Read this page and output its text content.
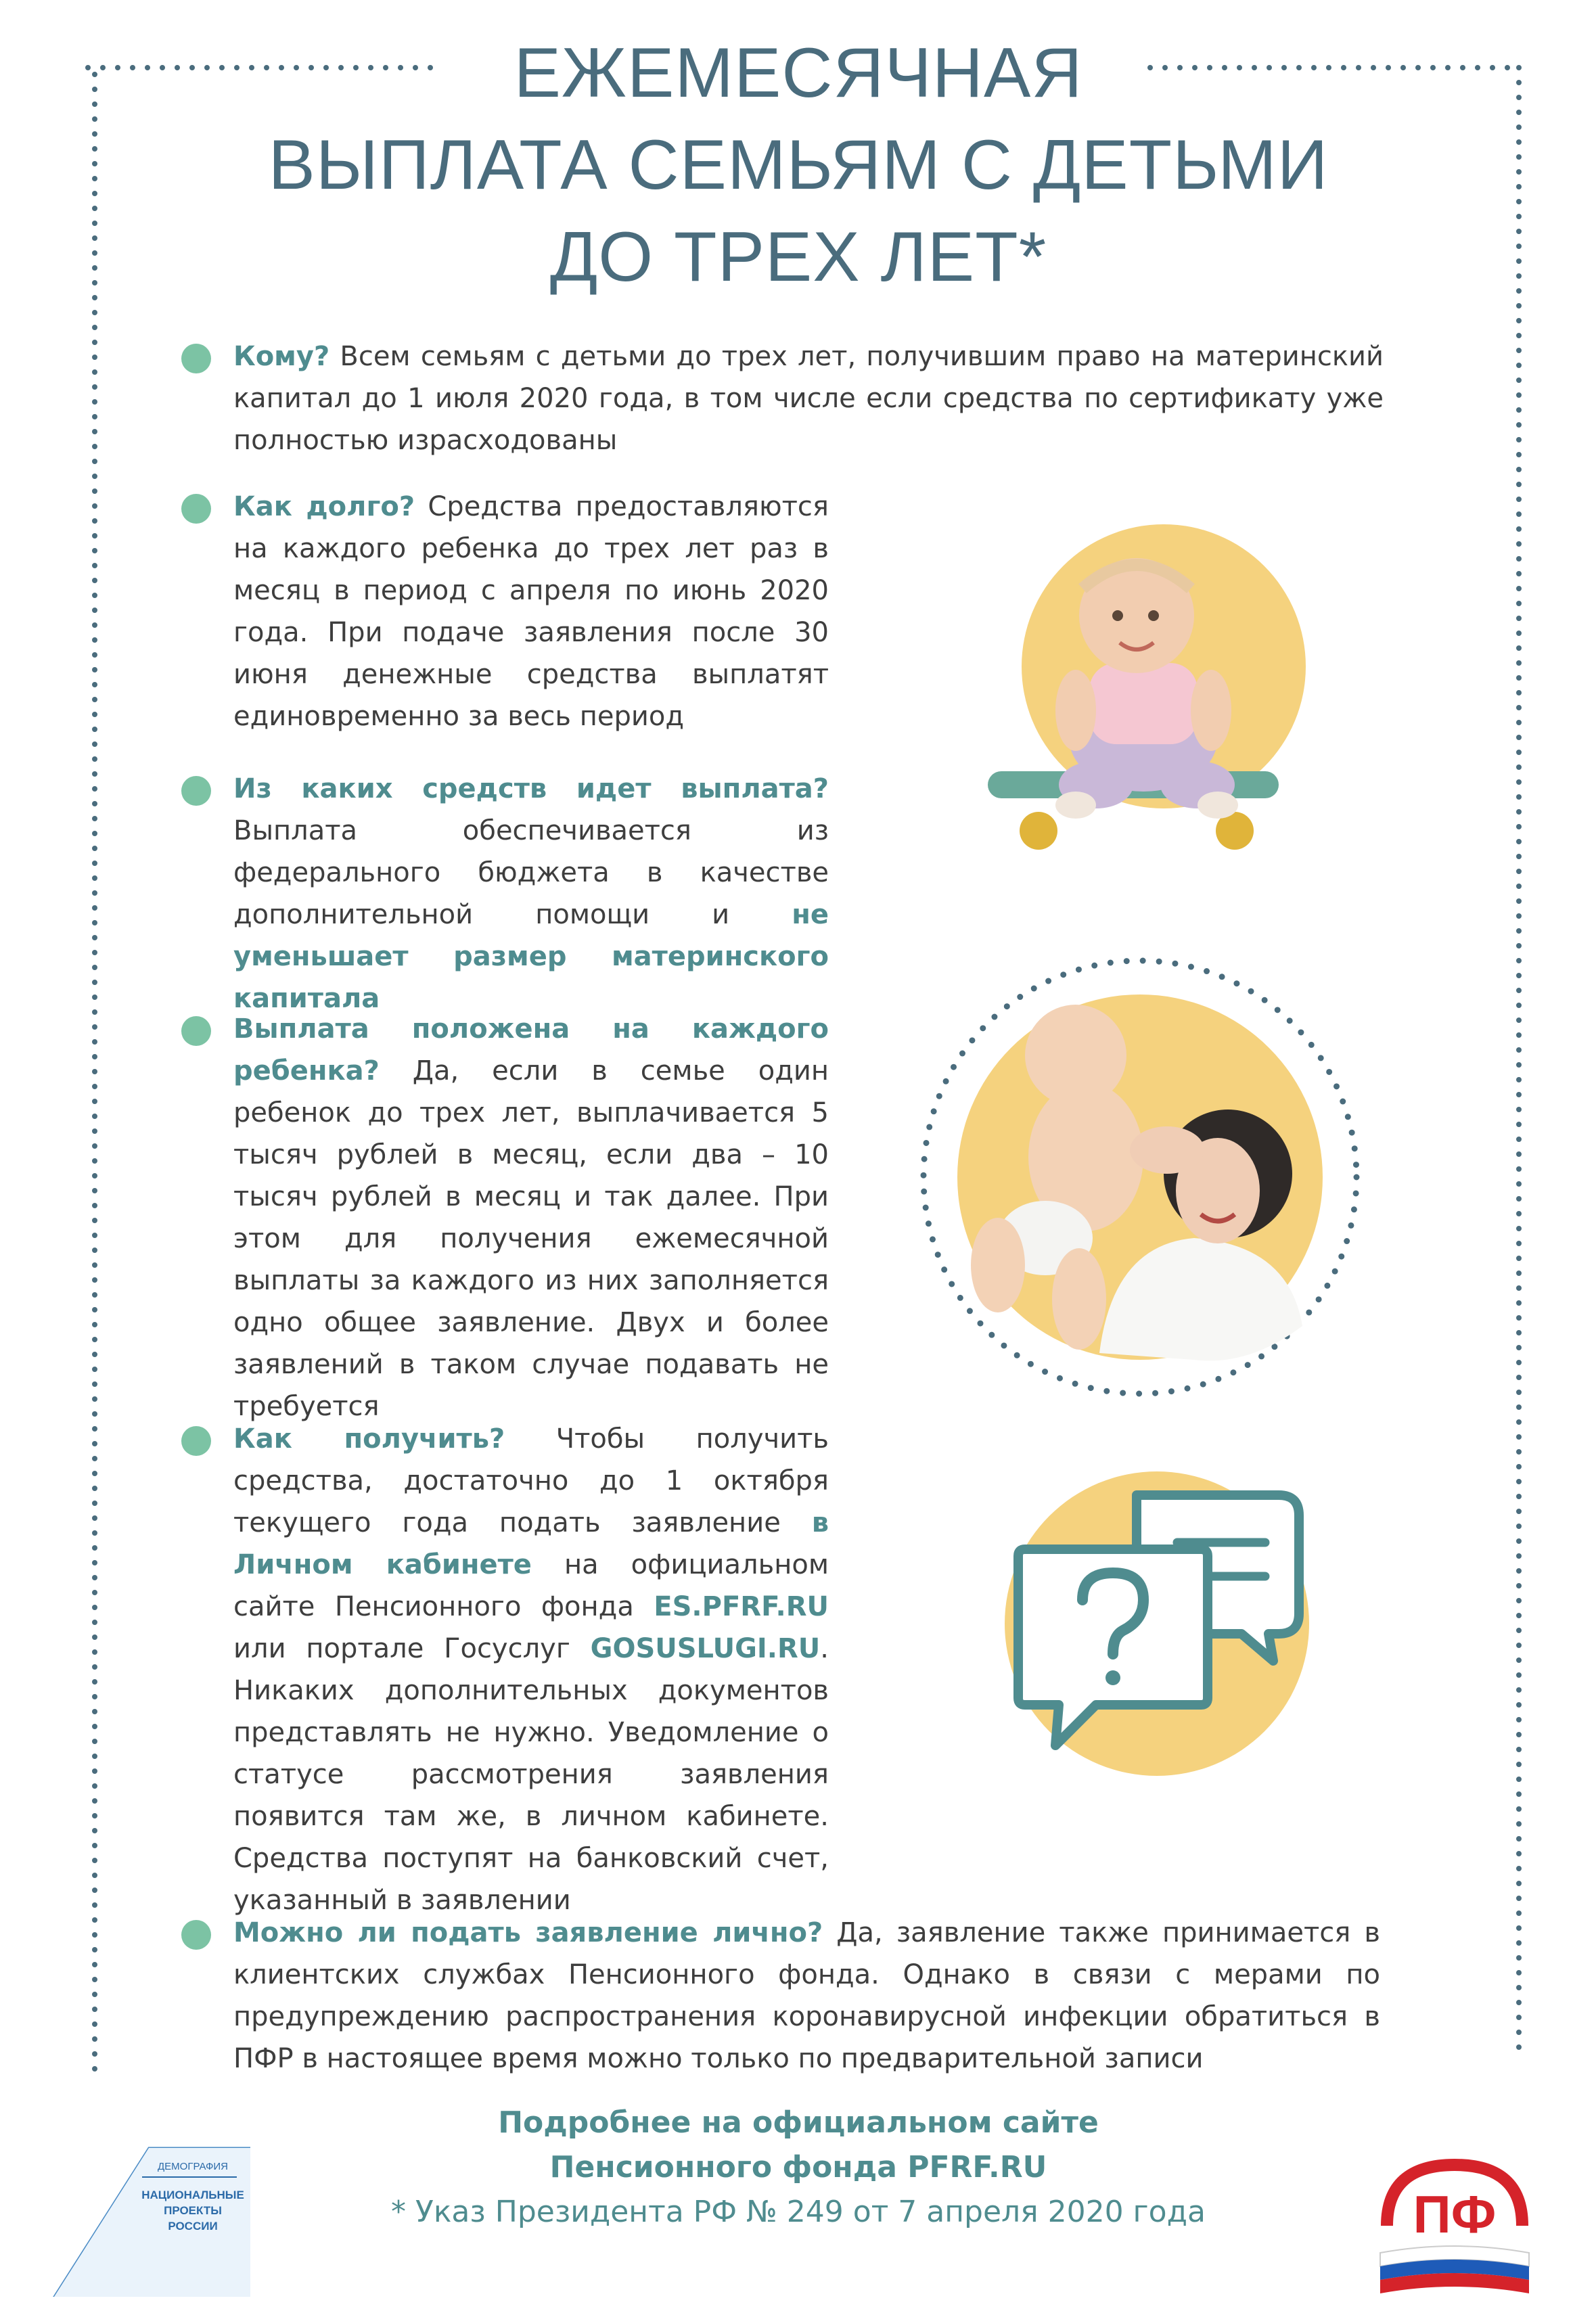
ЕЖЕМЕСЯЧНАЯ
ВЫПЛАТА СЕМЬЯМ С ДЕТЬМИ
ДО ТРЕХ ЛЕТ*
Кому? Всем семьям с детьми до трех лет, получившим право на материнский капитал до 1 июля 2020 года, в том числе если средства по сертификату уже полностью израсходованы
Как долго? Средства предоставляются на каждого ребенка до трех лет раз в месяц в период с апреля по июнь 2020 года. При подаче заявления после 30 июня денежные средства выплатят единовременно за весь период
Из каких средств идет выплата? Выплата обеспечивается из федерального бюджета в качестве дополнительной помощи и не уменьшает размер материнского капитала
Выплата положена на каждого ребенка? Да, если в семье один ребенок до трех лет, выплачивается 5 тысяч рублей в месяц, если два – 10 тысяч рублей в месяц и так далее. При этом для получения ежемесячной выплаты за каждого из них заполняется одно общее заявление. Двух и более заявлений в таком случае подавать не требуется
Как получить? Чтобы получить средства, достаточно до 1 октября текущего года подать заявление в Личном кабинете на официальном сайте Пенсионного фонда ES.PFRF.RU или портале Госуслуг GOSUSLUGI.RU. Никаких дополнительных документов представлять не нужно. Уведомление о статусе рассмотрения заявления появится там же, в личном кабинете. Средства поступят на банковский счет, указанный в заявлении
Можно ли подать заявление лично? Да, заявление также принимается в клиентских службах Пенсионного фонда. Однако в связи с мерами по предупреждению распространения коронавирусной инфекции обратиться в ПФР в настоящее время можно только по предварительной записи
Подробнее на официальном сайте
Пенсионного фонда PFRF.RU
* Указ Президента РФ № 249 от 7 апреля 2020 года
ДЕМОГРАФИЯ
НАЦИОНАЛЬНЫЕ
ПРОЕКТЫ
РОССИИ	ПФ
